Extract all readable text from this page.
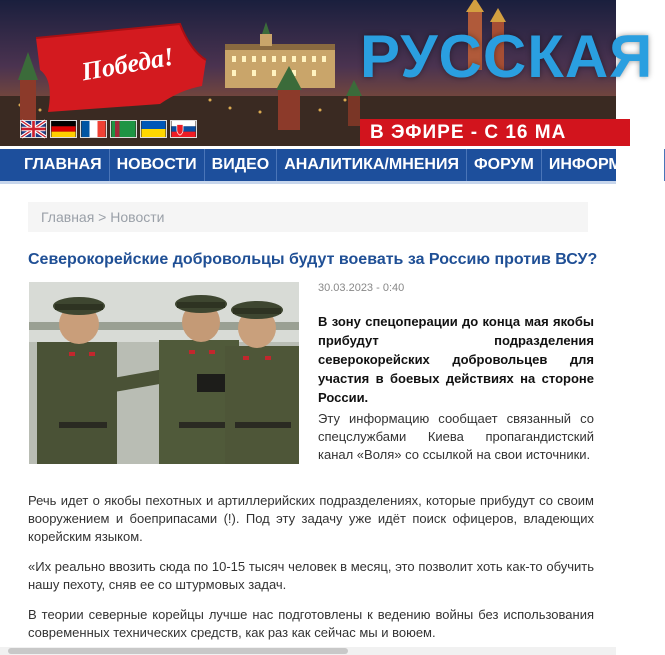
Победа!	РУССКАЯ
В ЭФИРЕ - С 16 МА
ГЛАВНАЯ НОВОСТИ ВИДЕО АНАЛИТИКА/МНЕНИЯ ФОРУМ ИНФОРМВОЙ
Главная > Новости
Северокорейские добровольцы будут воевать за Россию против ВСУ?
30.03.2023 - 0:40
В зону спецоперации до конца мая якобы прибудут подразделения северокорейских добровольцев для участия в боевых действиях на стороне России.
Эту информацию сообщает связанный со спецслужбами Киева пропагандистский канал «Воля» со ссылкой на свои источники.
Речь идет о якобы пехотных и артиллерийских подразделениях, которые прибудут со своим вооружением и боеприпасами (!). Под эту задачу уже идёт поиск офицеров, владеющих корейским языком.
«Их реально ввозить сюда по 10-15 тысяч человек в месяц, это позволит хоть как-то обучить нашу пехоту, сняв ее со штурмовых задач.
В теории северные корейцы лучше нас подготовлены к ведению войны без использования современных технических средств, как раз как сейчас мы и воюем.
